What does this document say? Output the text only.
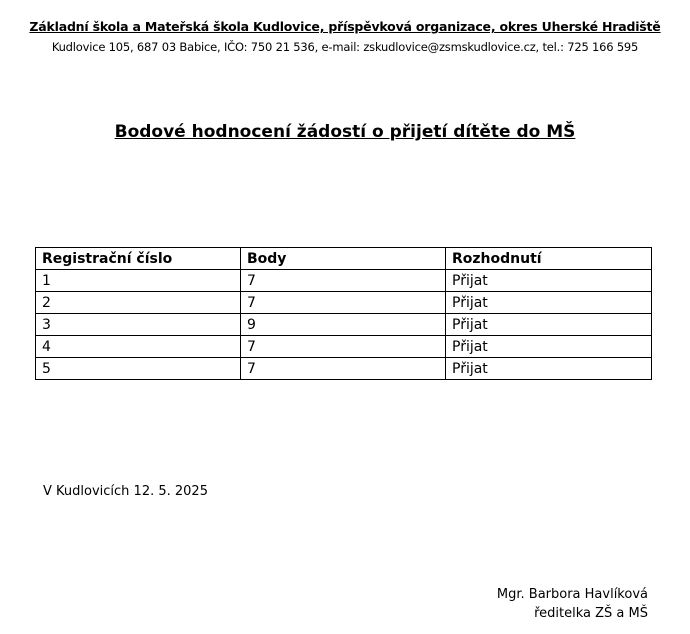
Základní škola a Mateřská škola Kudlovice, příspěvková organizace, okres Uherské Hradiště
Kudlovice 105, 687 03 Babice, IČO: 750 21 536, e-mail: zskudlovice@zsmskudlovice.cz, tel.: 725 166 595
Bodové hodnocení žádostí o přijetí dítěte do MŠ
Registrační číslo	Body	Rozhodnutí
1	7	Přijat
2	7	Přijat
3	9	Přijat
4	7	Přijat
5	7	Přijat
V Kudlovicích 12. 5. 2025
Mgr. Barbora Havlíková
ředitelka ZŠ a MŠ
